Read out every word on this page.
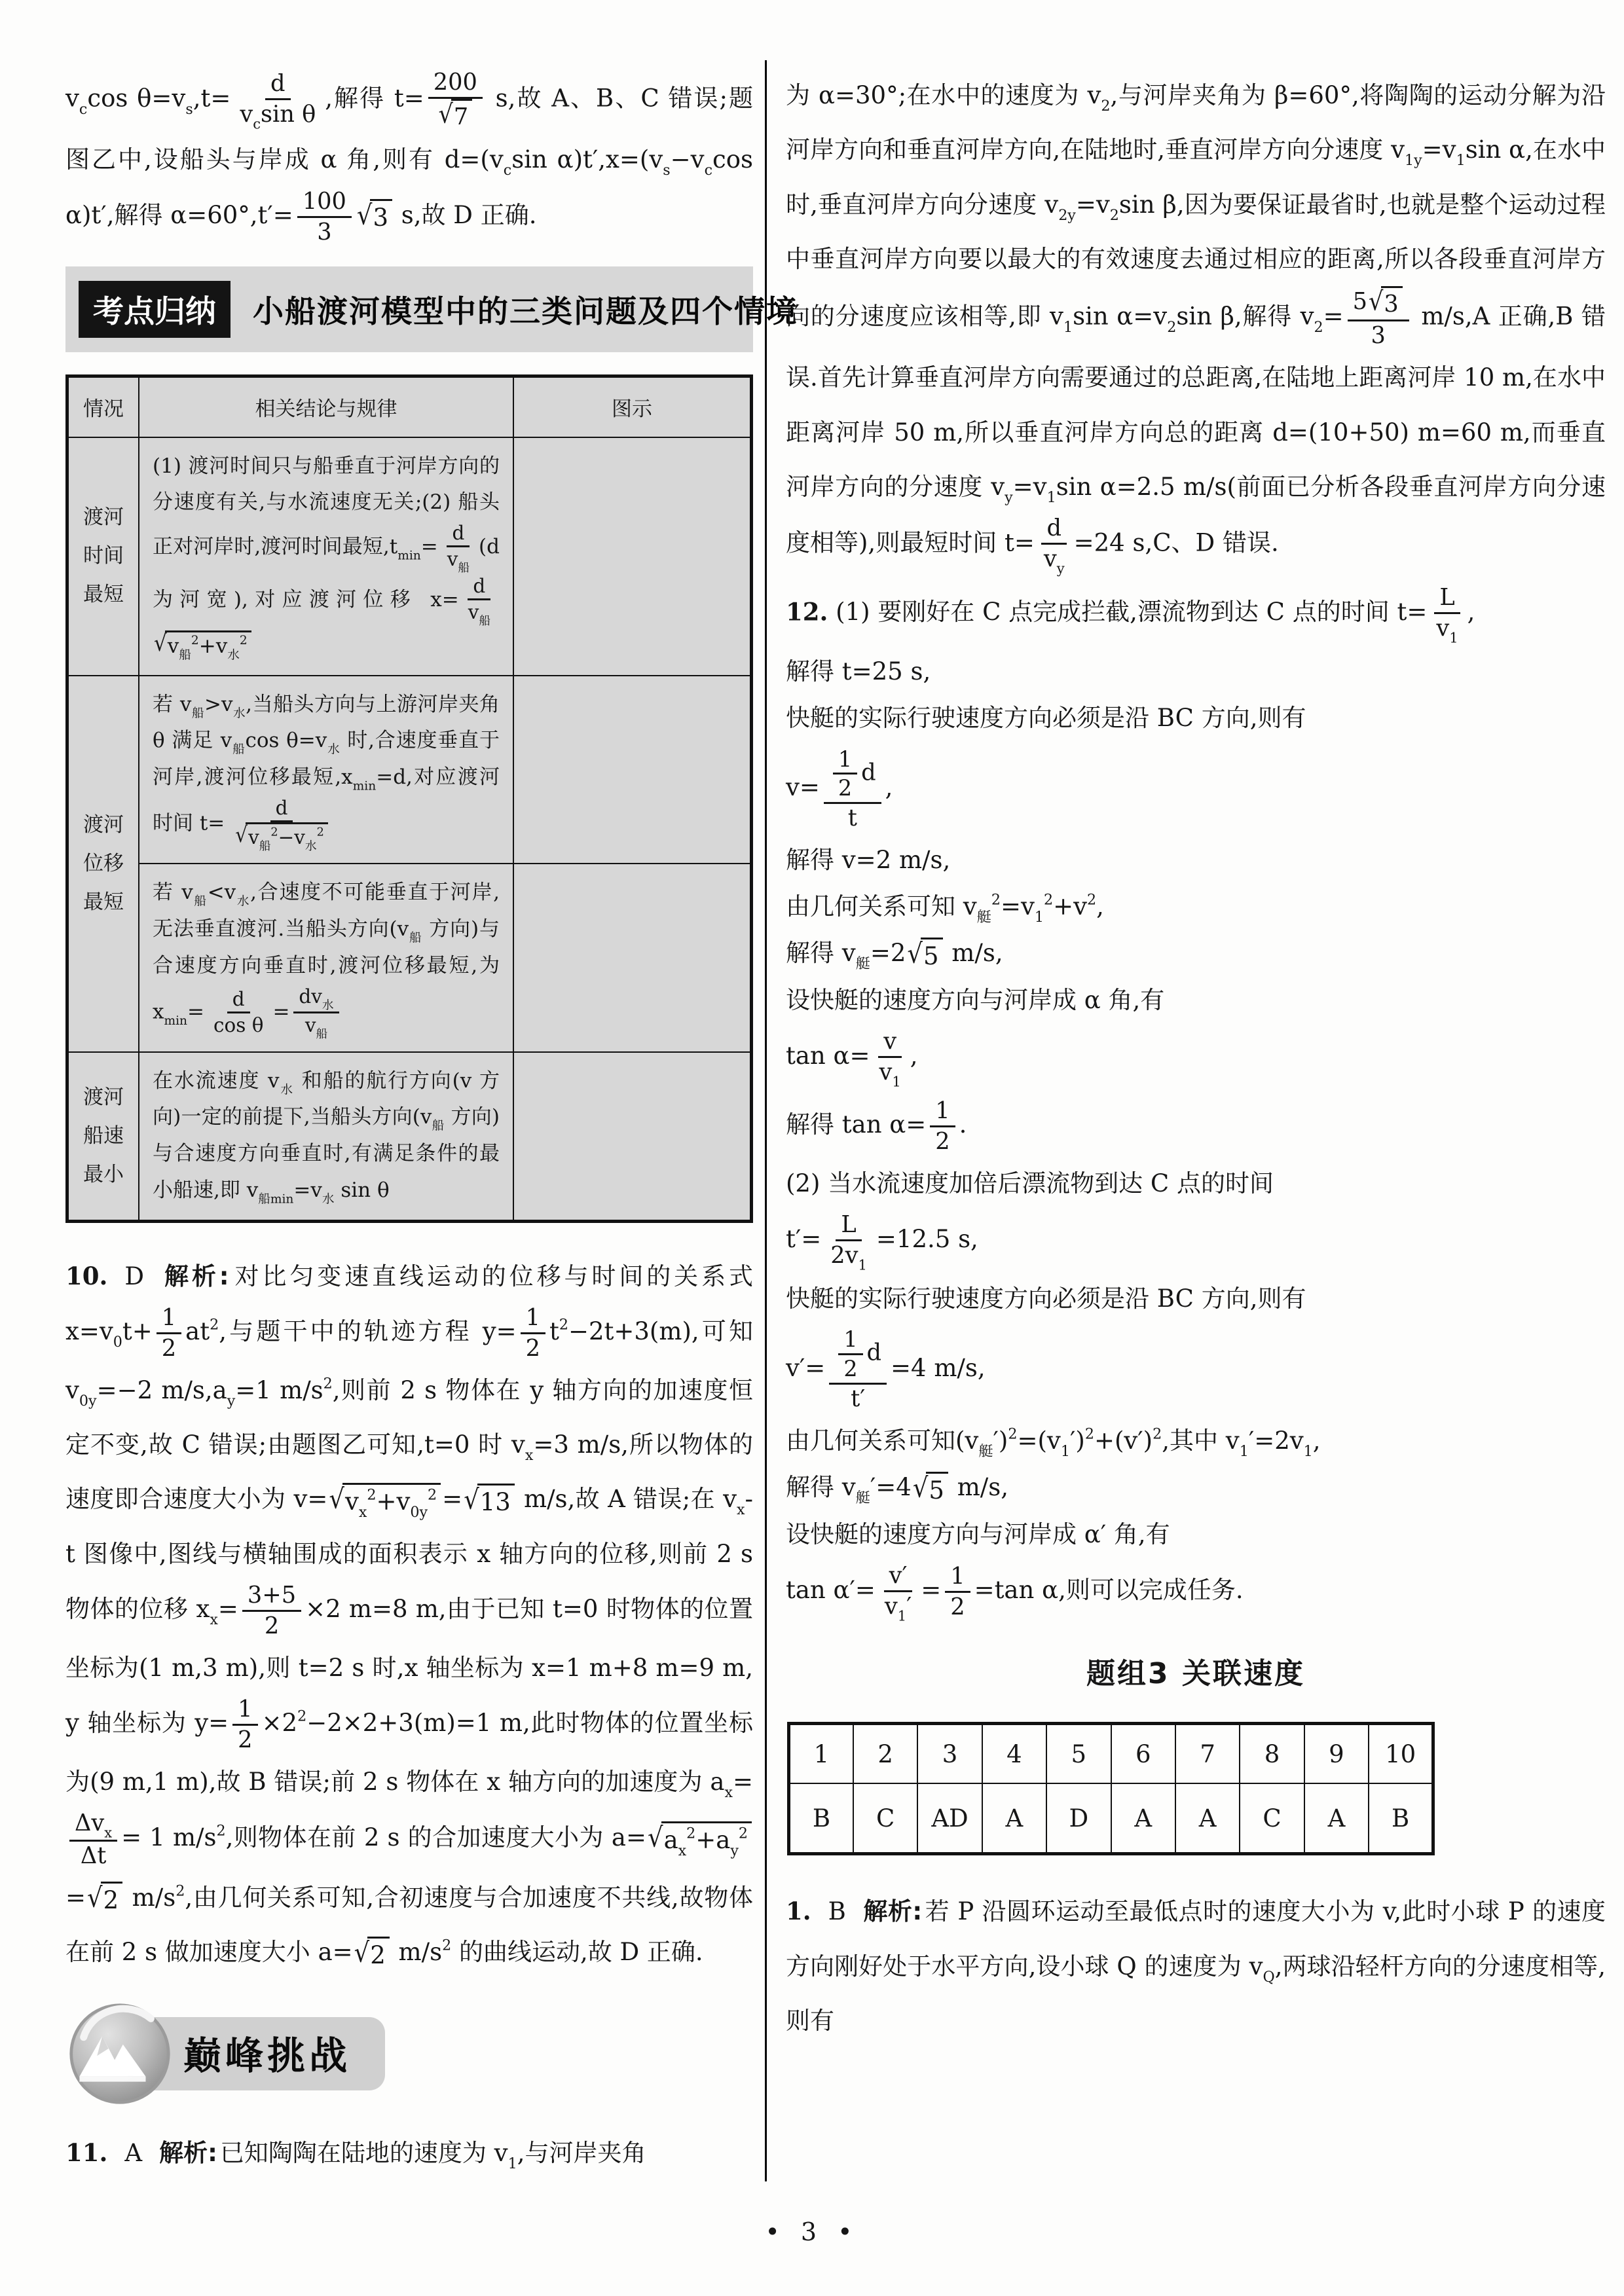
$v_c\cos$ $\theta=v_s,t= \frac{d}{v_c\sin \theta}$ ,解得 $t= \frac{200}{√ 7} s$,故 A、B、C 错误;题图乙中,设船头与岸成 α 角,则有 $d=(v_c\sin$ $\alpha)t',x=(v_s-v_c\cos$ α)t′,解得 $\alpha=60^\circ,t'= \frac{100}{3}$ √ 3 s,故 D 正确.

考点归纳	小船渡河模型中的三类问题及四个情境
情况	相关结论与规律	图示
渡河时间最短	(1) 渡河时间只与船垂直于河岸方向的分速度有关,与水流速度无关;(2) 船头正对河岸时,渡河时间最短$,t_{min}= \frac{d}{v_船} (d$ 为河宽),对应渡河位移 $x= \frac{d}{v_船}$
√ $v_船^2+v_水^2$

渡河位移最短	若 $v_船>v_水$,当船头方向与上游河岸夹角 θ 满足 $v_船\cos$ $\theta=v_水$ 时,合速度垂直于河岸,渡河位移最短$,x_{min}=d$,对应渡河时间 $t= \frac{d}{√ v_船^2-v_水^2}$

若 $v_船<v_水$,合速度不可能垂直于河岸,无法垂直渡河.当船头方向($v_船$ 方向)与合速度方向垂直时,渡河位移最短,为 $x_{min}= \frac{d}{\text{cos θ}} = \frac{dv_水}{v_船}$

渡河船速最小	在水流速度 $v_水$ 和船的航行方向(v 方向)一定的前提下,当船头方向($v_船$ 方向)与合速度方向垂直时,有满足条件的最小船速,即 $v_{船min}=v_水$ sin θ	

10. D 解析: 对比匀变速直线运动的位移与时间的关系式 $x=v_0t+ \frac{1}{2} at^2$,与题干中的轨迹方程 $y= \frac{1}{2} t^2-2t+3(m)$,可知 $v_{0y}=-2$ $m/s,a_y=1$ $m/s^2$,则前 2 s 物体在 y 轴方向的加速度恒定不变,故 C 错误;由题图乙可知,t=0 时 $v_x=3$ m/s,所以物体的速度即合速度大小为 v= √ $v_x^2+v_{0y}^2$ = √ 13 m/s,故 A 错误;在 $v_x-t$ 图像中,图线与横轴围成的面积表示 x 轴方向的位移,则前 2 s 物体的位移 $x_x= \frac{3+5}{2} \times 2$ m=8 m,由于已知 t=0 时物体的位置坐标为(1 m,3 m),则 t=2 s 时,x 轴坐标为 x=1 m+8 m=9 m, y 轴坐标为 $y= \frac{1}{2} \times 2^2-2\times 2+3(m)=1$ m,此时物体的位置坐标为(9 m,1 m),故 B 错误;前 2 s 物体在 x 轴方向的加速度为 $a_x=$
$\frac{\Delta v_x}{\Delta t} = 1$ $m/s^2$,则物体在前 2 s 的合加速度大小为 a= √ $a_x^2+a_y^2$
= √ 2 $m/s^2$,由几何关系可知,合初速度与合加速度不共线,故物体在前 2 s 做加速度大小 a= √ 2 $m/s^2$ 的曲线运动,故 D 正确.

巅峰挑战

11. A 解析: 已知陶陶在陆地的速度为 $v_1$,与河岸夹角

为 α=30°;在水中的速度为 $v_2$,与河岸夹角为 β=60°,将陶陶的运动分解为沿河岸方向和垂直河岸方向,在陆地时,垂直河岸方向分速度 $v_{1y}=v_1\sin$ α,在水中时,垂直河岸方向分速度 $v_{2y}=v_2\sin$ β,因为要保证最省时,也就是整个运动过程中垂直河岸方向要以最大的有效速度去通过相应的距离,所以各段垂直河岸方向的分速度应该相等,即 $v_1\sin$ $\alpha=v_2\sin$ β,解得 $v_2= \frac{5 √ 3}{3} m/s,A$ 正确,B 错误.首先计算垂直河岸方向需要通过的总距离,在陆地上距离河岸 10 m,在水中距离河岸 50 m,所以垂直河岸方向总的距离 d=(10+50) m=60 m,而垂直河岸方向的分速度 $v_y=v_1\sin$ α=2.5 m/s(前面已分析各段垂直河岸方向分速度相等),则最短时间 $t= \frac{d}{v_y} =24$ s,C、D 错误.

12. (1) 要刚好在 C 点完成拦截,漂流物到达 C 点的时间 $t= \frac{L}{v_1}$ ,

解得 t=25 s,

快艇的实际行驶速度方向必须是沿 BC 方向,则有

$v= \frac{\frac{1}{2} d}{t}$ ,

解得 v=2 m/s,

由几何关系可知 $v_艇^2=v_1^2+v^2$,

解得 $v_艇=2$ √ 5 m/s,

设快艇的速度方向与河岸成 α 角,有

$\tan \alpha= \frac{v}{v_1}$ ,

解得 $\tan \alpha= \frac{1}{2}$ .

(2) 当水流速度加倍后漂流物到达 C 点的时间

$t'= \frac{L}{2v_1} =12.5$ s,

快艇的实际行驶速度方向必须是沿 BC 方向,则有

$v'= \frac{\frac{1}{2} d}{t'} =4$ m/s,

由几何关系可知$(v_艇')^2=(v_1')^2+(v')^2$,其中 $v_1'=2v_1$,

解得 $v_艇'=4$ √ 5 m/s,

设快艇的速度方向与河岸成 α′ 角,有

$\tan \alpha'= \frac{v'}{v_1'} = \frac{1}{2} =\tan$ α,则可以完成任务.

题组3 关联速度
1	2	3	4	5	6	7	8	9	10
B	C	AD	A	D	A	A	C	A	B

1. B 解析: 若 P 沿圆环运动至最低点时的速度大小为 v,此时小球 P 的速度方向刚好处于水平方向,设小球 Q 的速度为 $v_Q$,两球沿轻杆方向的分速度相等,则有

• 3 •
